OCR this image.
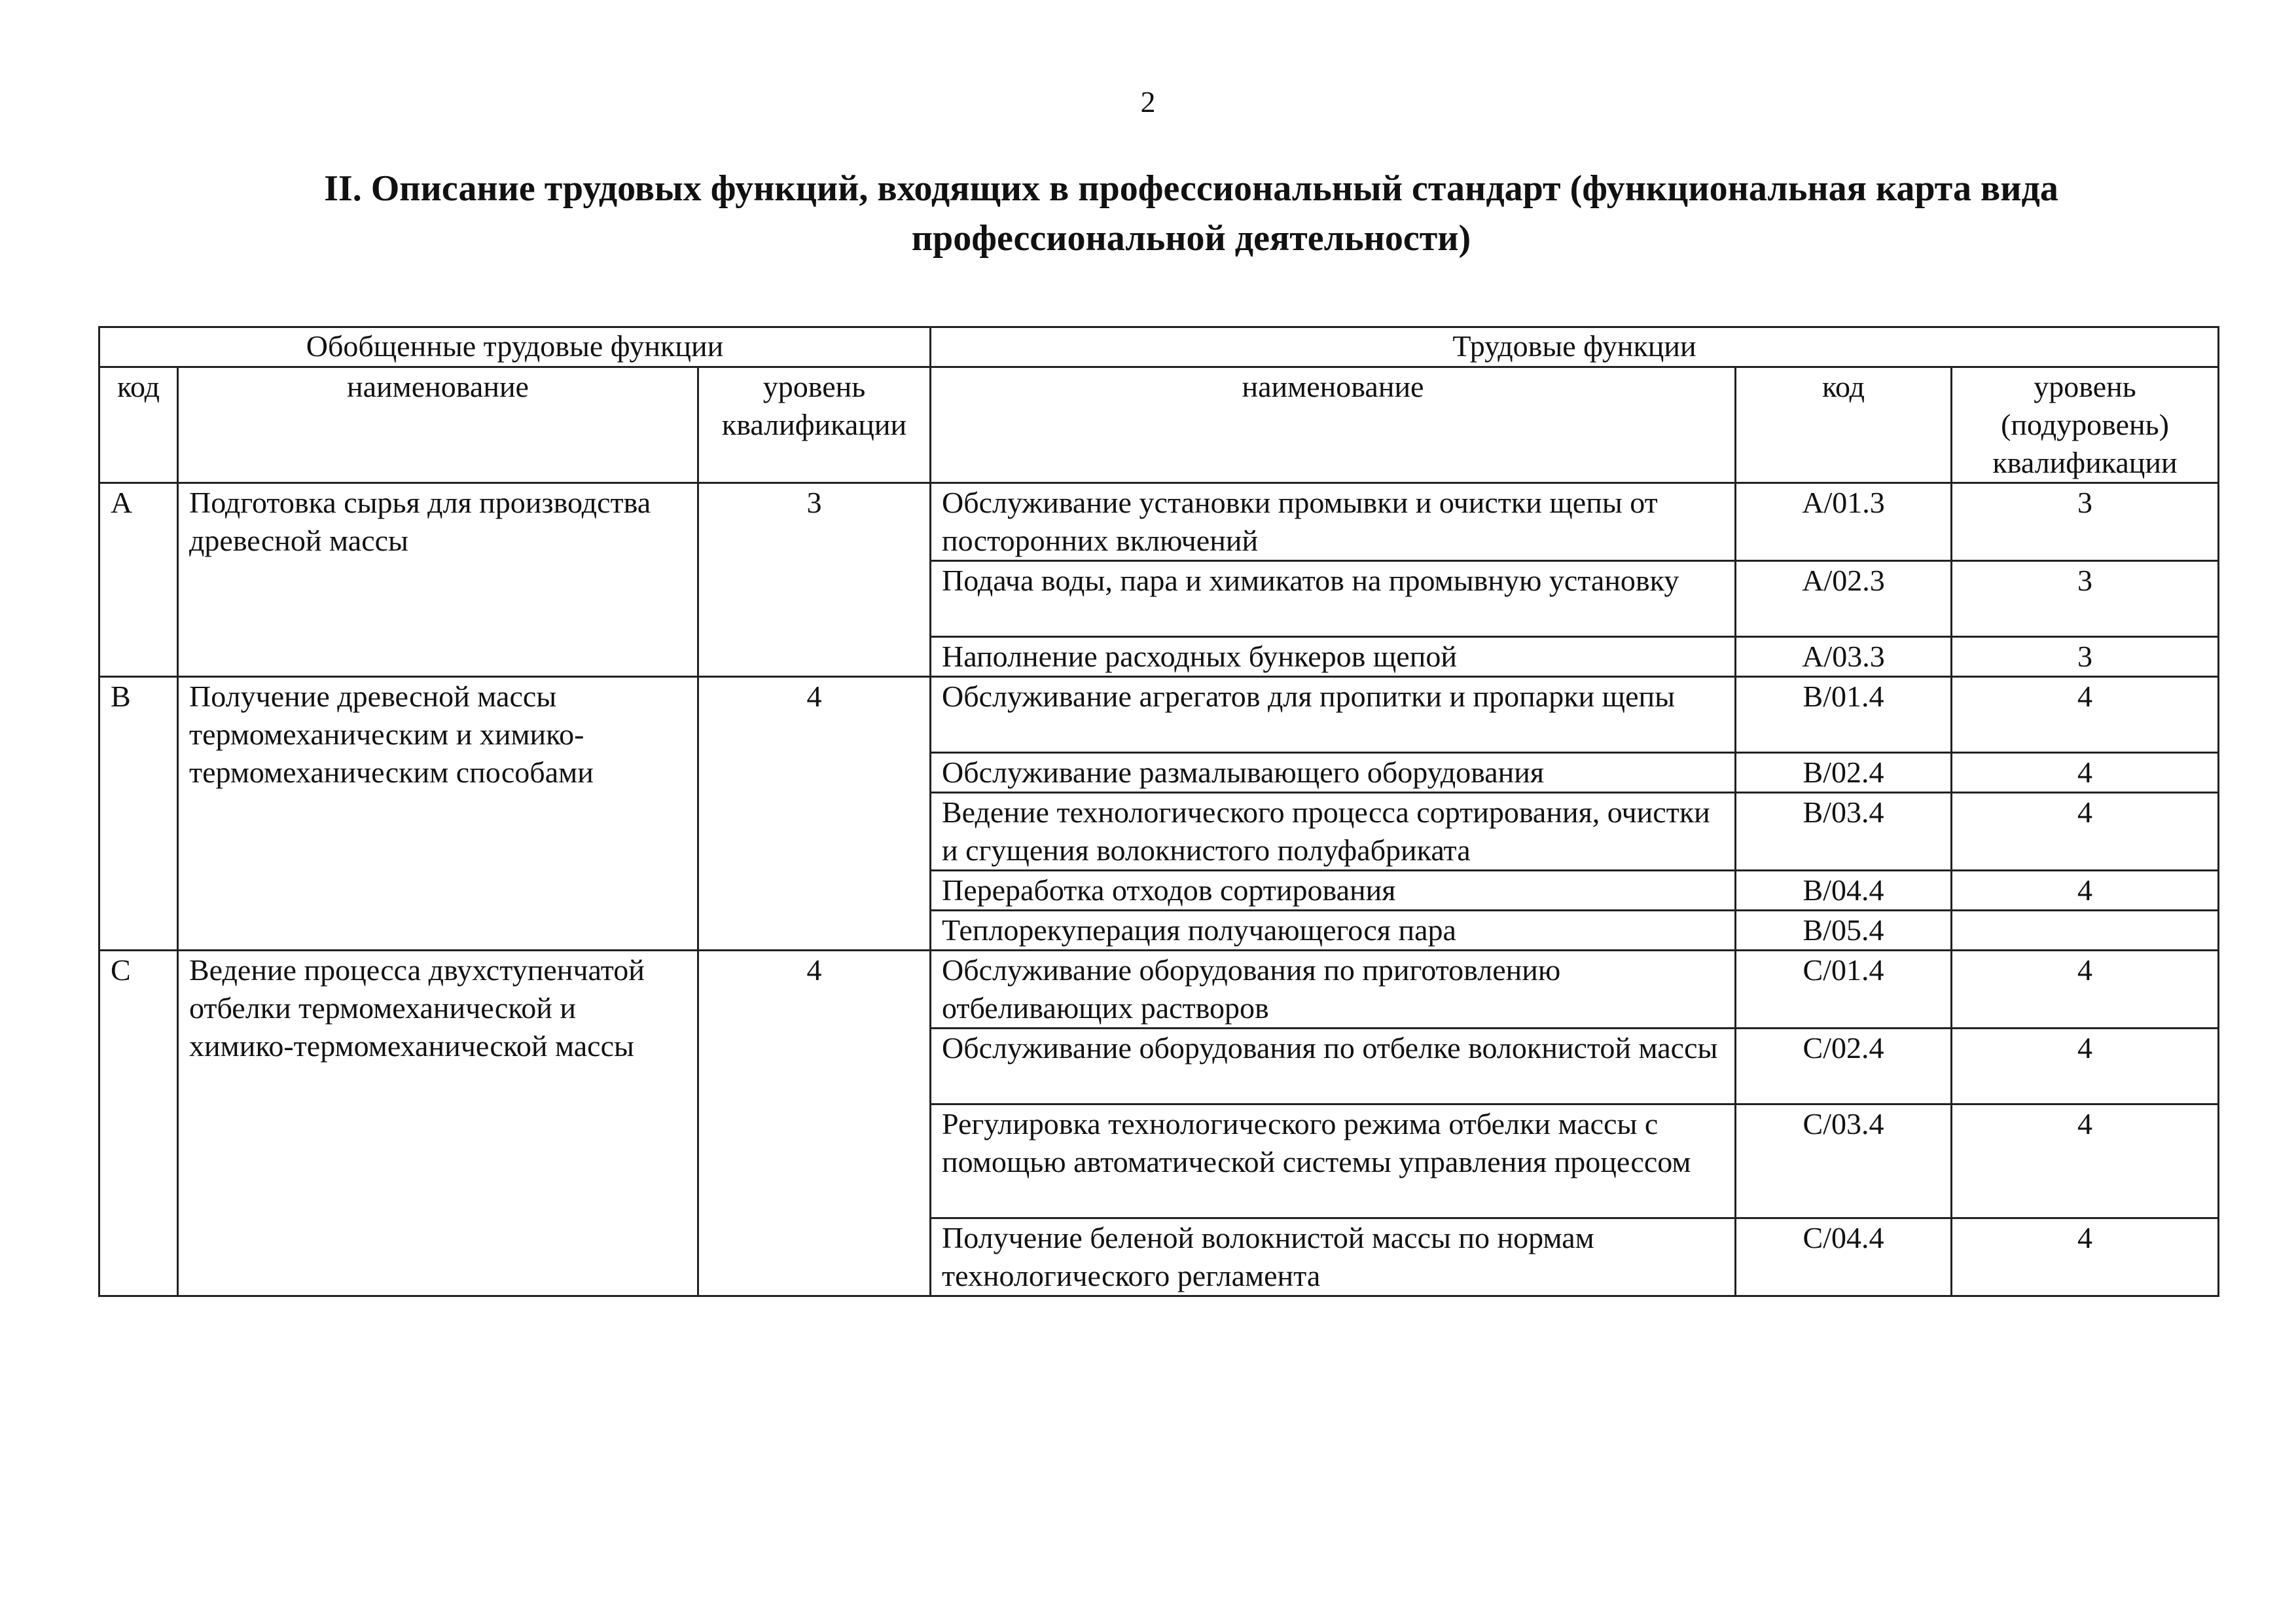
2
II. Описание трудовых функций, входящих в профессиональный стандарт (функциональная карта вида профессиональной деятельности)
Обобщенные трудовые функции			Трудовые функции		
код	наименование	уровень квалификации	наименование	код	уровень (подуровень) квалификации
A	Подготовка сырья для производства древесной массы	3	Обслуживание установки промывки и очистки щепы от посторонних включений	A/01.3	3
			Подача воды, пара и химикатов на промывную установку	A/02.3	3
			Наполнение расходных бункеров щепой	A/03.3	3
B	Получение древесной массы термомеханическим и химико-термомеханическим способами	4	Обслуживание агрегатов для пропитки и пропарки щепы	B/01.4	4
			Обслуживание размалывающего оборудования	B/02.4	4
			Ведение технологического процесса сортирования, очистки и сгущения волокнистого полуфабриката	B/03.4	4
			Переработка отходов сортирования	B/04.4	4
			Теплорекуперация получающегося пара	B/05.4	
C	Ведение процесса двухступенчатой отбелки термомеханической и химико-термомеханической массы	4	Обслуживание оборудования по приготовлению отбеливающих растворов	C/01.4	4
			Обслуживание оборудования по отбелке волокнистой массы	C/02.4	4
			Регулировка технологического режима отбелки массы с помощью автоматической системы управления процессом	C/03.4	4
			Получение беленой волокнистой массы по нормам технологического регламента	C/04.4	4
